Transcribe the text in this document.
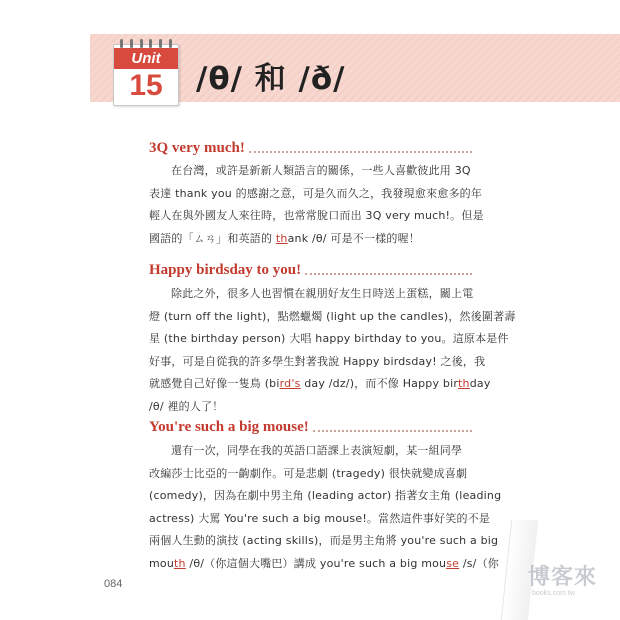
Unit
15	/θ/ 和 /ð/
3Q very much!
在台灣，或許是新新人類語言的關係，一些人喜歡彼此用 3Q
表達 thank you 的感謝之意，可是久而久之，我發現愈來愈多的年
輕人在與外國友人來往時，也常常脫口而出 3Q very much!。但是
國語的「ㄙㄢ」和英語的 thank /θ/ 可是不一樣的喔！
Happy birdsday to you!
除此之外，很多人也習慣在親朋好友生日時送上蛋糕，關上電
燈 (turn off the light)，點燃蠟燭 (light up the candles)，然後圍著壽
星 (the birthday person) 大唱 happy birthday to you。這原本是件
好事，可是自從我的許多學生對著我說 Happy birdsday! 之後，我
就感覺自己好像一隻鳥 (bird's day /dz/)，而不像 Happy birthday
/θ/ 裡的人了！
You're such a big mouse!
還有一次，同學在我的英語口語課上表演短劇，某一組同學
改編莎士比亞的一齣劇作。可是悲劇 (tragedy) 很快就變成喜劇
(comedy)，因為在劇中男主角 (leading actor) 指著女主角 (leading
actress) 大罵 You're such a big mouse!。當然這件事好笑的不是
兩個人生動的演技 (acting skills)，而是男主角將 you're such a big
mouth /θ/（你這個大嘴巴）講成 you're such a big mouse /s/（你
084	博客來
books.com.tw
